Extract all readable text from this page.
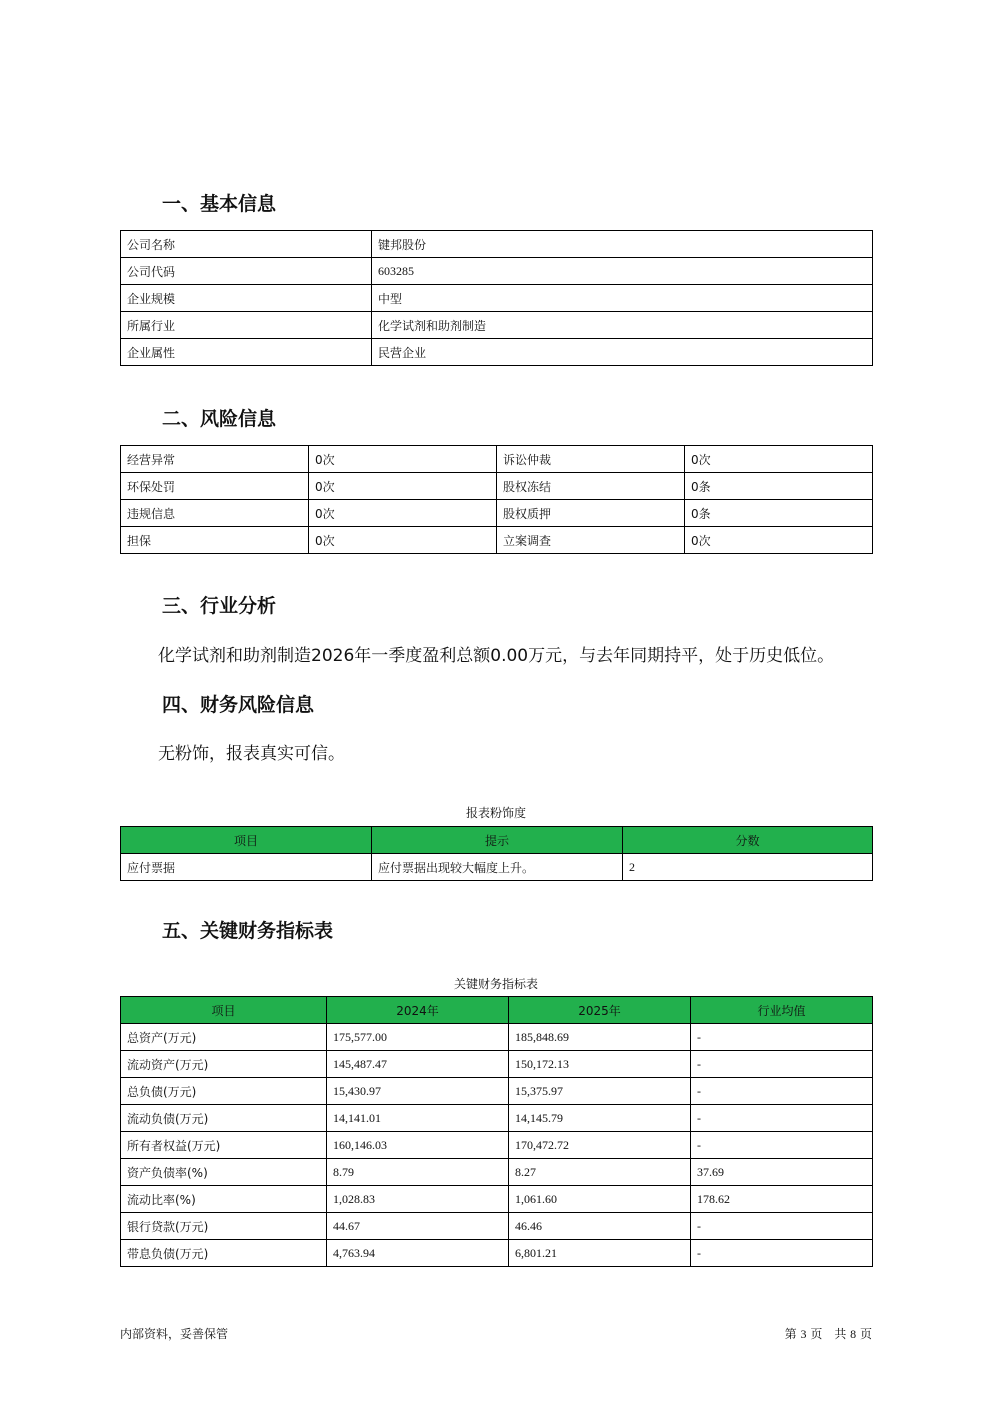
一、基本信息
公司名称	键邦股份
公司代码	603285
企业规模	中型
所属行业	化学试剂和助剂制造
企业属性	民营企业
二、风险信息
经营异常	0次	诉讼仲裁	0次
环保处罚	0次	股权冻结	0条
违规信息	0次	股权质押	0条
担保	0次	立案调查	0次
三、行业分析

化学试剂和助剂制造2026年一季度盈利总额0.00万元，与去年同期持平，处于历史低位。

四、财务风险信息

无粉饰，报表真实可信。

报表粉饰度

项目	提示	分数
应付票据	应付票据出现较大幅度上升。	2
五、关键财务指标表

关键财务指标表

项目	2024年	2025年	行业均值
总资产(万元)	175,577.00	185,848.69	-
流动资产(万元)	145,487.47	150,172.13	-
总负债(万元)	15,430.97	15,375.97	-
流动负债(万元)	14,141.01	14,145.79	-
所有者权益(万元)	160,146.03	170,472.72	-
资产负债率(%)	8.79	8.27	37.69
流动比率(%)	1,028.83	1,061.60	178.62
银行贷款(万元)	44.67	46.46	-
带息负债(万元)	4,763.94	6,801.21	-
内部资料，妥善保管	第 3 页　共 8 页
